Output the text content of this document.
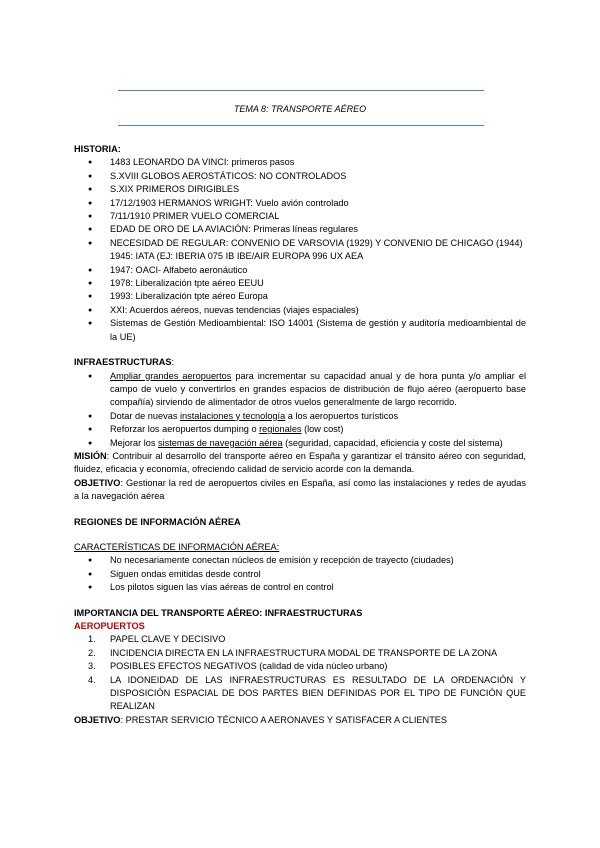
TEMA 8: TRANSPORTE AÉREO
HISTORIA:
● 1483 LEONARDO DA VINCI: primeros pasos
● S.XVIII GLOBOS AEROSTÁTICOS: NO CONTROLADOS
● S.XIX PRIMEROS DIRIGIBLES
● 17/12/1903 HERMANOS WRIGHT: Vuelo avión controlado
● 7/11/1910 PRIMER VUELO COMERCIAL
● EDAD DE ORO DE LA AVIACIÓN: Primeras líneas regulares
● NECESIDAD DE REGULAR: CONVENIO DE VARSOVIA (1929) Y CONVENIO DE CHICAGO (1944) 1945: IATA (EJ: IBERIA 075 IB IBE/AIR EUROPA 996 UX AEA
● 1947: OACI- Alfabeto aeronáutico
● 1978: Liberalización tpte aéreo EEUU
● 1993: Liberalización tpte aéreo Europa
● XXI: Acuerdos aéreos, nuevas tendencias (viajes espaciales)
● Sistemas de Gestión Medioambiental: ISO 14001 (Sistema de gestión y auditoría medioambiental de la UE)
INFRAESTRUCTURAS:
● Ampliar grandes aeropuertos para incrementar su capacidad anual y de hora punta y/o ampliar el campo de vuelo y convertirlos en grandes espacios de distribución de flujo aéreo (aeropuerto base compañía) sirviendo de alimentador de otros vuelos generalmente de largo recorrido.
● Dotar de nuevas instalaciones y tecnología a los aeropuertos turísticos
● Reforzar los aeropuertos dumping o regionales (low cost)
● Mejorar los sistemas de navegación aérea (seguridad, capacidad, eficiencia y coste del sistema)
MISIÓN: Contribuir al desarrollo del transporte aéreo en España y garantizar el tránsito aéreo con seguridad, fluidez, eficacia y economía, ofreciendo calidad de servicio acorde con la demanda.
OBJETIVO: Gestionar la red de aeropuertos civiles en España, así como las instalaciones y redes de ayudas a la navegación aérea
REGIONES DE INFORMACIÓN AÉREA
CARACTERÍSTICAS DE INFORMACIÓN AÉREA:
● No necesariamente conectan núcleos de emisión y recepción de trayecto (ciudades)
● Siguen ondas emitidas desde control
● Los pilotos siguen las vías aéreas de control en control
IMPORTANCIA DEL TRANSPORTE AÉREO: INFRAESTRUCTURAS
AEROPUERTOS
1. PAPEL CLAVE Y DECISIVO
2. INCIDENCIA DIRECTA EN LA INFRAESTRUCTURA MODAL DE TRANSPORTE DE LA ZONA
3. POSIBLES EFECTOS NEGATIVOS (calidad de vida núcleo urbano)
4. LA IDONEIDAD DE LAS INFRAESTRUCTURAS ES RESULTADO DE LA ORDENACIÓN Y DISPOSICIÓN ESPACIAL DE DOS PARTES BIEN DEFINIDAS POR EL TIPO DE FUNCIÓN QUE REALIZAN
OBJETIVO: PRESTAR SERVICIO TÉCNICO A AERONAVES Y SATISFACER A CLIENTES
